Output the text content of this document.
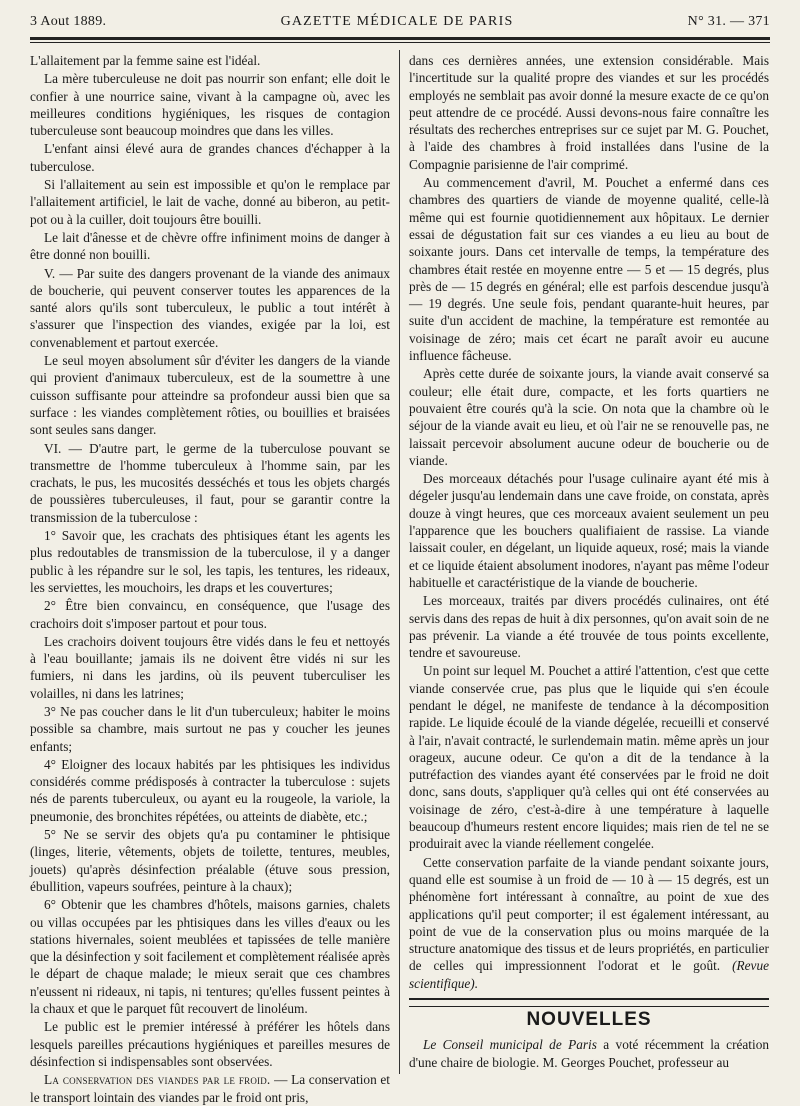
3 Aout 1889.	GAZETTE MÉDICALE DE PARIS	N° 31. — 371

L'allaitement par la femme saine est l'idéal.

La mère tuberculeuse ne doit pas nourrir son enfant; elle doit le confier à une nourrice saine, vivant à la campagne où, avec les meilleures conditions hygiéniques, les risques de contagion tuberculeuse sont beaucoup moindres que dans les villes.

L'enfant ainsi élevé aura de grandes chances d'échapper à la tuberculose.

Si l'allaitement au sein est impossible et qu'on le remplace par l'allaitement artificiel, le lait de vache, donné au biberon, au petit-pot ou à la cuiller, doit toujours être bouilli.

Le lait d'ânesse et de chèvre offre infiniment moins de danger à être donné non bouilli.

V. — Par suite des dangers provenant de la viande des animaux de boucherie, qui peuvent conserver toutes les apparences de la santé alors qu'ils sont tuberculeux, le public a tout intérêt à s'assurer que l'inspection des viandes, exigée par la loi, est convenablement et partout exercée.

Le seul moyen absolument sûr d'éviter les dangers de la viande qui provient d'animaux tuberculeux, est de la soumettre à une cuisson suffisante pour atteindre sa profondeur aussi bien que sa surface : les viandes complètement rôties, ou bouillies et braisées sont seules sans danger.

VI. — D'autre part, le germe de la tuberculose pouvant se transmettre de l'homme tuberculeux à l'homme sain, par les crachats, le pus, les mucosités desséchés et tous les objets chargés de poussières tuberculeuses, il faut, pour se garantir contre la transmission de la tuberculose :

1° Savoir que, les crachats des phtisiques étant les agents les plus redoutables de transmission de la tuberculose, il y a danger public à les répandre sur le sol, les tapis, les tentures, les rideaux, les serviettes, les mouchoirs, les draps et les couvertures;

2° Être bien convaincu, en conséquence, que l'usage des crachoirs doit s'imposer partout et pour tous.

Les crachoirs doivent toujours être vidés dans le feu et nettoyés à l'eau bouillante; jamais ils ne doivent être vidés ni sur les fumiers, ni dans les jardins, où ils peuvent tuberculiser les volailles, ni dans les latrines;

3° Ne pas coucher dans le lit d'un tuberculeux; habiter le moins possible sa chambre, mais surtout ne pas y coucher les jeunes enfants;

4° Eloigner des locaux habités par les phtisiques les individus considérés comme prédisposés à contracter la tuberculose : sujets nés de parents tuberculeux, ou ayant eu la rougeole, la variole, la pneumonie, des bronchites répétées, ou atteints de diabète, etc.;

5° Ne se servir des objets qu'a pu contaminer le phtisique (linges, literie, vêtements, objets de toilette, tentures, meubles, jouets) qu'après désinfection préalable (étuve sous pression, ébullition, vapeurs soufrées, peinture à la chaux);

6° Obtenir que les chambres d'hôtels, maisons garnies, chalets ou villas occupées par les phtisiques dans les villes d'eaux ou les stations hivernales, soient meublées et tapissées de telle manière que la désinfection y soit facilement et complètement réalisée après le départ de chaque malade; le mieux serait que ces chambres n'eussent ni rideaux, ni tapis, ni tentures; qu'elles fussent peintes à la chaux et que le parquet fût recouvert de linoléum.

Le public est le premier intéressé à préférer les hôtels dans lesquels pareilles précautions hygiéniques et pareilles mesures de désinfection si indispensables sont observées.

La conservation des viandes par le froid. — La conservation et le transport lointain des viandes par le froid ont pris,

dans ces dernières années, une extension considérable. Mais l'incertitude sur la qualité propre des viandes et sur les procédés employés ne semblait pas avoir donné la mesure exacte de ce qu'on peut attendre de ce procédé. Aussi devons-nous faire connaître les résultats des recherches entreprises sur ce sujet par M. G. Pouchet, à l'aide des chambres à froid installées dans l'usine de la Compagnie parisienne de l'air comprimé.

Au commencement d'avril, M. Pouchet a enfermé dans ces chambres des quartiers de viande de moyenne qualité, celle-là même qui est fournie quotidiennement aux hôpitaux. Le dernier essai de dégustation fait sur ces viandes a eu lieu au bout de soixante jours. Dans cet intervalle de temps, la température des chambres était restée en moyenne entre — 5 et — 15 degrés, plus près de — 15 degrés en général; elle est parfois descendue jusqu'à — 19 degrés. Une seule fois, pendant quarante-huit heures, par suite d'un accident de machine, la température est remontée au voisinage de zéro; mais cet écart ne paraît avoir eu aucune influence fâcheuse.

Après cette durée de soixante jours, la viande avait conservé sa couleur; elle était dure, compacte, et les forts quartiers ne pouvaient être courés qu'à la scie. On nota que la chambre où le séjour de la viande avait eu lieu, et où l'air ne se renouvelle pas, ne laissait percevoir absolument aucune odeur de boucherie ou de viande.

Des morceaux détachés pour l'usage culinaire ayant été mis à dégeler jusqu'au lendemain dans une cave froide, on constata, après douze à vingt heures, que ces morceaux avaient seulement un peu l'apparence que les bouchers qualifiaient de rassise. La viande laissait couler, en dégelant, un liquide aqueux, rosé; mais la viande et ce liquide étaient absolument inodores, n'ayant pas même l'odeur habituelle et caractéristique de la viande de boucherie.

Les morceaux, traités par divers procédés culinaires, ont été servis dans des repas de huit à dix personnes, qu'on avait soin de ne pas prévenir. La viande a été trouvée de tous points excellente, tendre et savoureuse.

Un point sur lequel M. Pouchet a attiré l'attention, c'est que cette viande conservée crue, pas plus que le liquide qui s'en écoule pendant le dégel, ne manifeste de tendance à la décomposition rapide. Le liquide écoulé de la viande dégelée, recueilli et conservé à l'air, n'avait contracté, le surlendemain matin. même après un jour orageux, aucune odeur. Ce qu'on a dit de la tendance à la putréfaction des viandes ayant été conservées par le froid ne doit donc, sans douts, s'appliquer qu'à celles qui ont été conservées au voisinage de zéro, c'est-à-dire à une température à laquelle beaucoup d'humeurs restent encore liquides; mais rien de tel ne se produirait avec la viande réellement congelée.

Cette conservation parfaite de la viande pendant soixante jours, quand elle est soumise à un froid de — 10 à — 15 degrés, est un phénomène fort intéressant à connaître, au point de xue des applications qu'il peut comporter; il est également intéressant, au point de vue de la conservation plus ou moins marquée de la structure anatomique des tissus et de leurs propriétés, en particulier de celles qui impressionnent l'odorat et le goût. (Revue scientifique).

NOUVELLES

Le Conseil municipal de Paris a voté récemment la création d'une chaire de biologie. M. Georges Pouchet, professeur au
